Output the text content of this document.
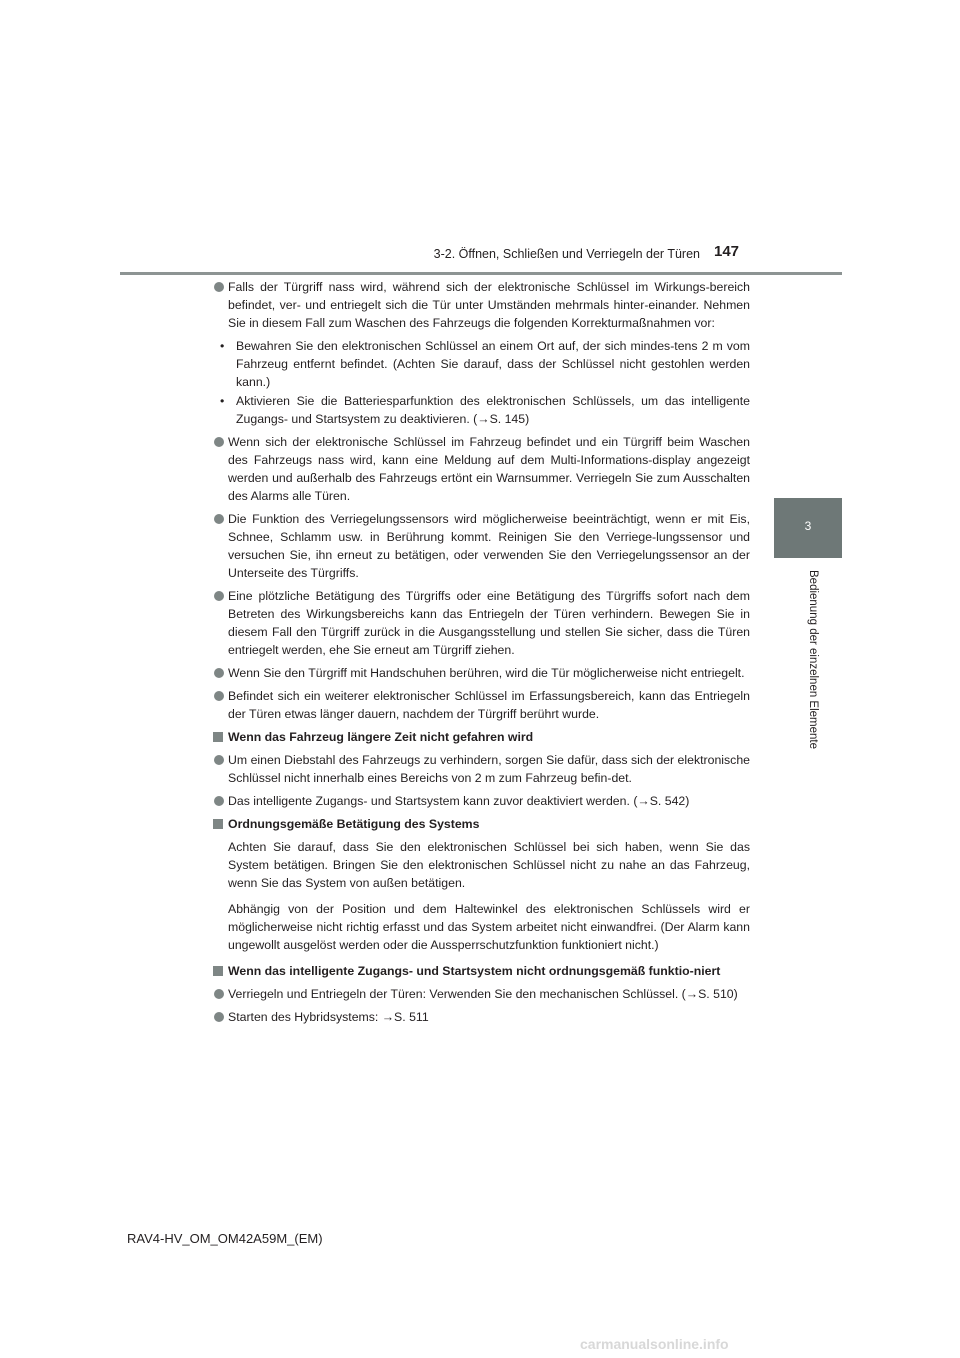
3-2. Öffnen, Schließen und Verriegeln der Türen 147
3
Bedienung der einzelnen Elemente
Falls der Türgriff nass wird, während sich der elektronische Schlüssel im Wirkungs-bereich befindet, ver- und entriegelt sich die Tür unter Umständen mehrmals hinter-einander. Nehmen Sie in diesem Fall zum Waschen des Fahrzeugs die folgenden Korrekturmaßnahmen vor:
• Bewahren Sie den elektronischen Schlüssel an einem Ort auf, der sich mindes-tens 2 m vom Fahrzeug entfernt befindet. (Achten Sie darauf, dass der Schlüssel nicht gestohlen werden kann.)
• Aktivieren Sie die Batteriesparfunktion des elektronischen Schlüssels, um das intelligente Zugangs- und Startsystem zu deaktivieren. (→S. 145)
Wenn sich der elektronische Schlüssel im Fahrzeug befindet und ein Türgriff beim Waschen des Fahrzeugs nass wird, kann eine Meldung auf dem Multi-Informations-display angezeigt werden und außerhalb des Fahrzeugs ertönt ein Warnsummer. Verriegeln Sie zum Ausschalten des Alarms alle Türen.
Die Funktion des Verriegelungssensors wird möglicherweise beeinträchtigt, wenn er mit Eis, Schnee, Schlamm usw. in Berührung kommt. Reinigen Sie den Verriege-lungssensor und versuchen Sie, ihn erneut zu betätigen, oder verwenden Sie den Verriegelungssensor an der Unterseite des Türgriffs.
Eine plötzliche Betätigung des Türgriffs oder eine Betätigung des Türgriffs sofort nach dem Betreten des Wirkungsbereichs kann das Entriegeln der Türen verhindern. Bewegen Sie in diesem Fall den Türgriff zurück in die Ausgangsstellung und stellen Sie sicher, dass die Türen entriegelt werden, ehe Sie erneut am Türgriff ziehen.
Wenn Sie den Türgriff mit Handschuhen berühren, wird die Tür möglicherweise nicht entriegelt.
Befindet sich ein weiterer elektronischer Schlüssel im Erfassungsbereich, kann das Entriegeln der Türen etwas länger dauern, nachdem der Türgriff berührt wurde.
Wenn das Fahrzeug längere Zeit nicht gefahren wird
Um einen Diebstahl des Fahrzeugs zu verhindern, sorgen Sie dafür, dass sich der elektronische Schlüssel nicht innerhalb eines Bereichs von 2 m zum Fahrzeug befin-det.
Das intelligente Zugangs- und Startsystem kann zuvor deaktiviert werden. (→S. 542)
Ordnungsgemäße Betätigung des Systems
Achten Sie darauf, dass Sie den elektronischen Schlüssel bei sich haben, wenn Sie das System betätigen. Bringen Sie den elektronischen Schlüssel nicht zu nahe an das Fahrzeug, wenn Sie das System von außen betätigen.
Abhängig von der Position und dem Haltewinkel des elektronischen Schlüssels wird er möglicherweise nicht richtig erfasst und das System arbeitet nicht einwandfrei. (Der Alarm kann ungewollt ausgelöst werden oder die Aussperrschutzfunktion funktioniert nicht.)
Wenn das intelligente Zugangs- und Startsystem nicht ordnungsgemäß funktio-niert
Verriegeln und Entriegeln der Türen: Verwenden Sie den mechanischen Schlüssel. (→S. 510)
Starten des Hybridsystems: →S. 511
RAV4-HV_OM_OM42A59M_(EM)
carmanualsonline.info
